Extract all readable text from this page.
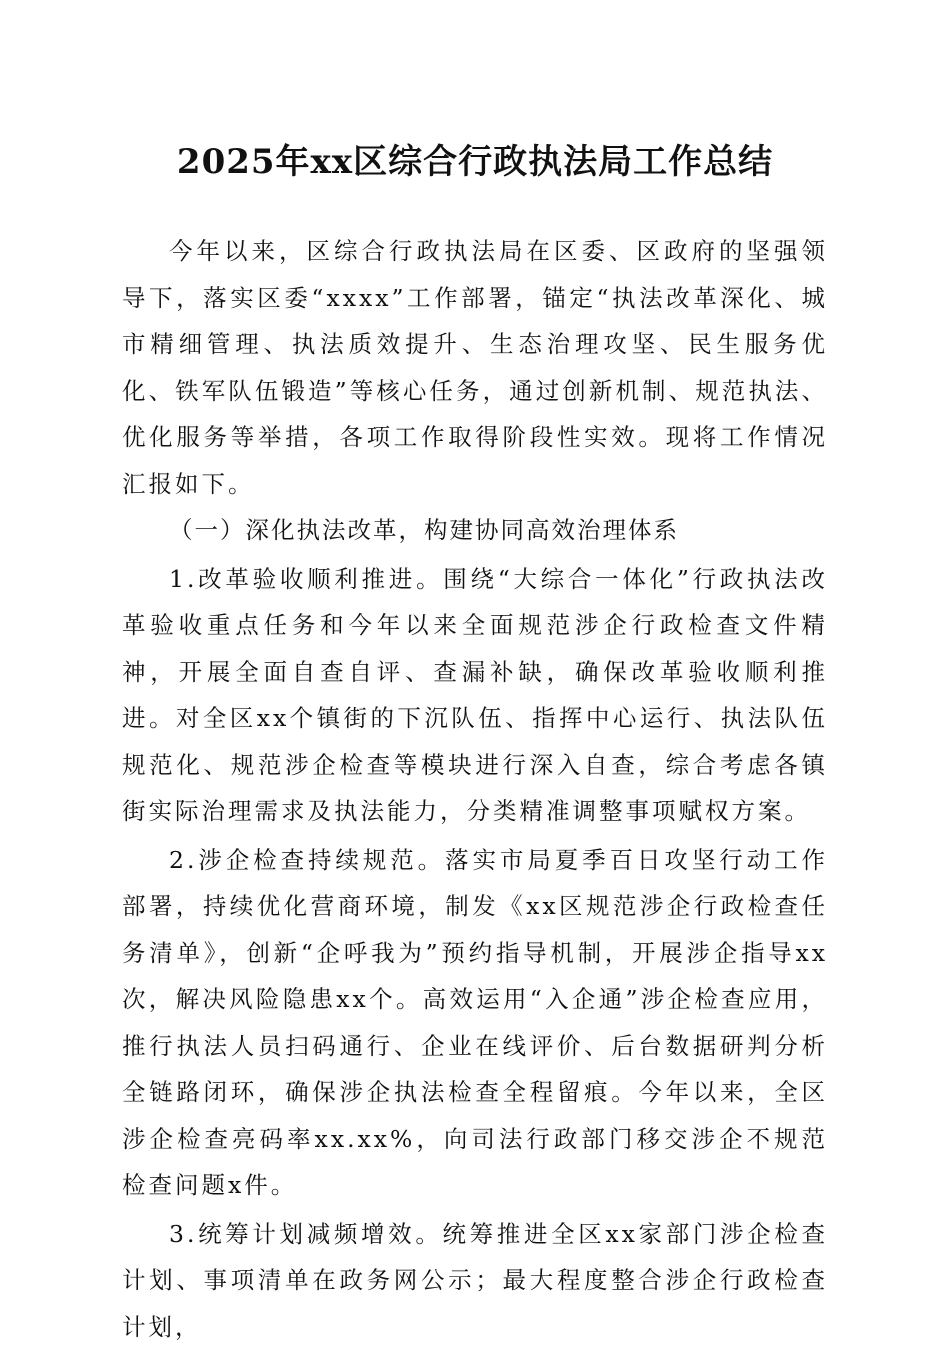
2025年xx区综合行政执法局工作总结

今年以来，区综合行政执法局在区委、区政府的坚强领导下，落实区委“xxxx”工作部署，锚定“执法改革深化、城市精细管理、执法质效提升、生态治理攻坚、民生服务优化、铁军队伍锻造”等核心任务，通过创新机制、规范执法、优化服务等举措，各项工作取得阶段性实效。现将工作情况汇报如下。

（一）深化执法改革，构建协同高效治理体系

1.改革验收顺利推进。围绕“大综合一体化”行政执法改革验收重点任务和今年以来全面规范涉企行政检查文件精神，开展全面自查自评、查漏补缺，确保改革验收顺利推进。对全区xx个镇街的下沉队伍、指挥中心运行、执法队伍规范化、规范涉企检查等模块进行深入自查，综合考虑各镇街实际治理需求及执法能力，分类精准调整事项赋权方案。

2.涉企检查持续规范。落实市局夏季百日攻坚行动工作部署，持续优化营商环境，制发《xx区规范涉企行政检查任务清单》，创新“企呼我为”预约指导机制，开展涉企指导xx次，解决风险隐患xx个。高效运用“入企通”涉企检查应用，推行执法人员扫码通行、企业在线评价、后台数据研判分析全链路闭环，确保涉企执法检查全程留痕。今年以来，全区涉企检查亮码率xx.xx%，向司法行政部门移交涉企不规范检查问题x件。

3.统筹计划减频增效。统筹推进全区xx家部门涉企检查计划、事项清单在政务网公示；最大程度整合涉企行政检查计划，
